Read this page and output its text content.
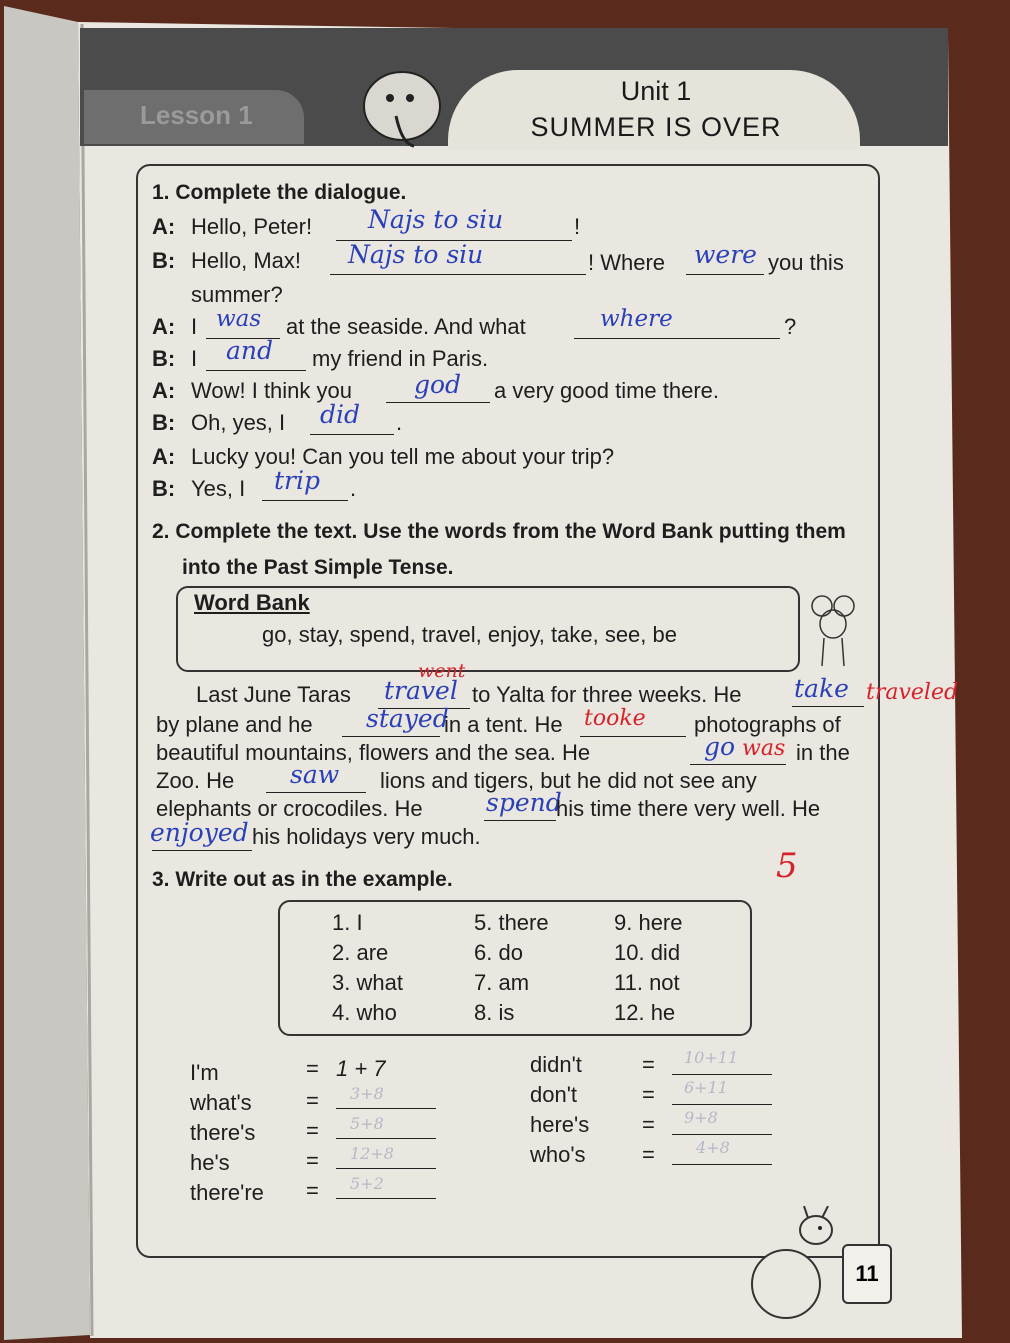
Lesson 1
Unit 1
SUMMER IS OVER
1. Complete the dialogue.
A: Hello, Peter! Najs to siu	!
B: Hello, Max! Najs to siu	! Where were you this
summer?
A: I was at the seaside. And what	where	?
B: I and my friend in Paris.
A: Wow! I think you god a very good time there.
B: Oh, yes, I did .
A: Lucky you! Can you tell me about your trip?
B: Yes, I trip .
2. Complete the text. Use the words from the Word Bank putting them
into the Past Simple Tense.
Word Bank
go, stay, spend, travel, enjoy, take, see, be
Last June Taras travel
went
to Yalta for three weeks. He take traveled
by plane and he stayed
in a tent. He tooke photographs of
beautiful mountains, flowers and the sea. He	go was in the
Zoo. He saw lions and tigers, but he did not see any
elephants or crocodiles. He	spend
his time there very well. He
enjoyed his holidays very much.
5
3. Write out as in the example.
1. I
2. are
3. what
4. who
5. there
6. do
7. am
8. is
9. here
10. did
11. not
12. he
I'm	= 1 + 7
what's = 3+8
there's = 5+8
he's	= 12+8
there're = 5+2
didn't	= 10+11
don't	= 6+11
here's = 9+8
who's	=	4+8
11
